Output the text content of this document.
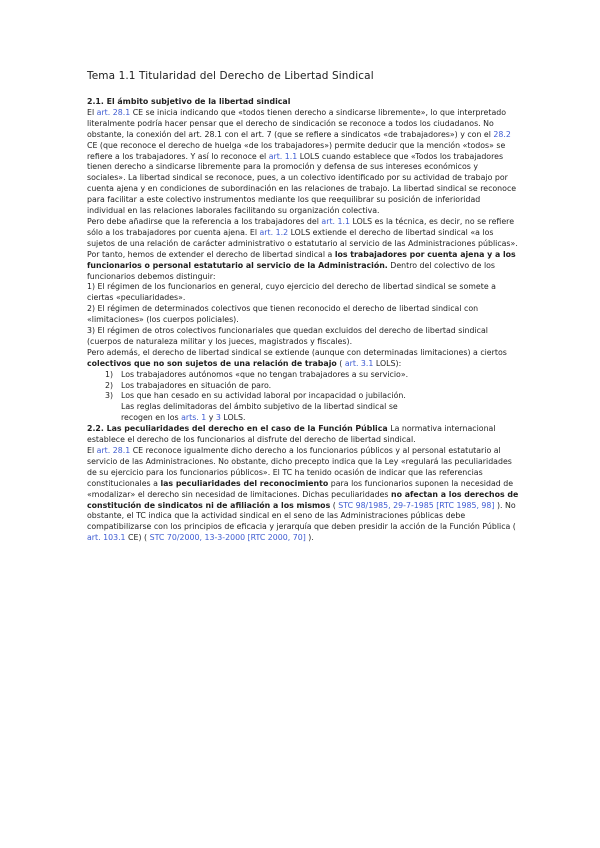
Tema 1.1 Titularidad del Derecho de Libertad Sindical

2.1. El ámbito subjetivo de la libertad sindical

El art. 28.1 CE se inicia indicando que «todos tienen derecho a sindicarse libremente», lo que interpretado literalmente podría hacer pensar que el derecho de sindicación se reconoce a todos los ciudadanos. No obstante, la conexión del art. 28.1 con el art. 7 (que se refiere a sindicatos «de trabajadores») y con el 28.2 CE (que reconoce el derecho de huelga «de los trabajadores») permite deducir que la mención «todos» se refiere a los trabajadores. Y así lo reconoce el art. 1.1 LOLS cuando establece que «Todos los trabajadores tienen derecho a sindicarse libremente para la promoción y defensa de sus intereses económicos y sociales». La libertad sindical se reconoce, pues, a un colectivo identificado por su actividad de trabajo por cuenta ajena y en condiciones de subordinación en las relaciones de trabajo. La libertad sindical se reconoce para facilitar a este colectivo instrumentos mediante los que reequilibrar su posición de inferioridad individual en las relaciones laborales facilitando su organización colectiva.

Pero debe añadirse que la referencia a los trabajadores del art. 1.1 LOLS es la técnica, es decir, no se refiere sólo a los trabajadores por cuenta ajena. El art. 1.2 LOLS extiende el derecho de libertad sindical «a los sujetos de una relación de carácter administrativo o estatutario al servicio de las Administraciones públicas». Por tanto, hemos de extender el derecho de libertad sindical a los trabajadores por cuenta ajena y a los funcionarios o personal estatutario al servicio de la Administración. Dentro del colectivo de los funcionarios debemos distinguir:

1) El régimen de los funcionarios en general, cuyo ejercicio del derecho de libertad sindical se somete a ciertas «peculiaridades».

2) El régimen de determinados colectivos que tienen reconocido el derecho de libertad sindical con «limitaciones» (los cuerpos policiales).

3) El régimen de otros colectivos funcionariales que quedan excluidos del derecho de libertad sindical (cuerpos de naturaleza militar y los jueces, magistrados y fiscales).

Pero además, el derecho de libertad sindical se extiende (aunque con determinadas limitaciones) a ciertos colectivos que no son sujetos de una relación de trabajo ( art. 3.1 LOLS):

1) Los trabajadores autónomos «que no tengan trabajadores a su servicio».
2) Los trabajadores en situación de paro.
3) Los que han cesado en su actividad laboral por incapacidad o jubilación. Las reglas delimitadoras del ámbito subjetivo de la libertad sindical se recogen en los arts. 1 y 3 LOLS.

2.2. Las peculiaridades del derecho en el caso de la Función Pública La normativa internacional establece el derecho de los funcionarios al disfrute del derecho de libertad sindical.

El art. 28.1 CE reconoce igualmente dicho derecho a los funcionarios públicos y al personal estatutario al servicio de las Administraciones. No obstante, dicho precepto indica que la Ley «regulará las peculiaridades de su ejercicio para los funcionarios públicos». El TC ha tenido ocasión de indicar que las referencias constitucionales a las peculiaridades del reconocimiento para los funcionarios suponen la necesidad de «modalizar» el derecho sin necesidad de limitaciones. Dichas peculiaridades no afectan a los derechos de constitución de sindicatos ni de afiliación a los mismos ( STC 98/1985, 29-7-1985 [RTC 1985, 98] ). No obstante, el TC indica que la actividad sindical en el seno de las Administraciones públicas debe compatibilizarse con los principios de eficacia y jerarquía que deben presidir la acción de la Función Pública ( art. 103.1 CE) ( STC 70/2000, 13-3-2000 [RTC 2000, 70] ).
